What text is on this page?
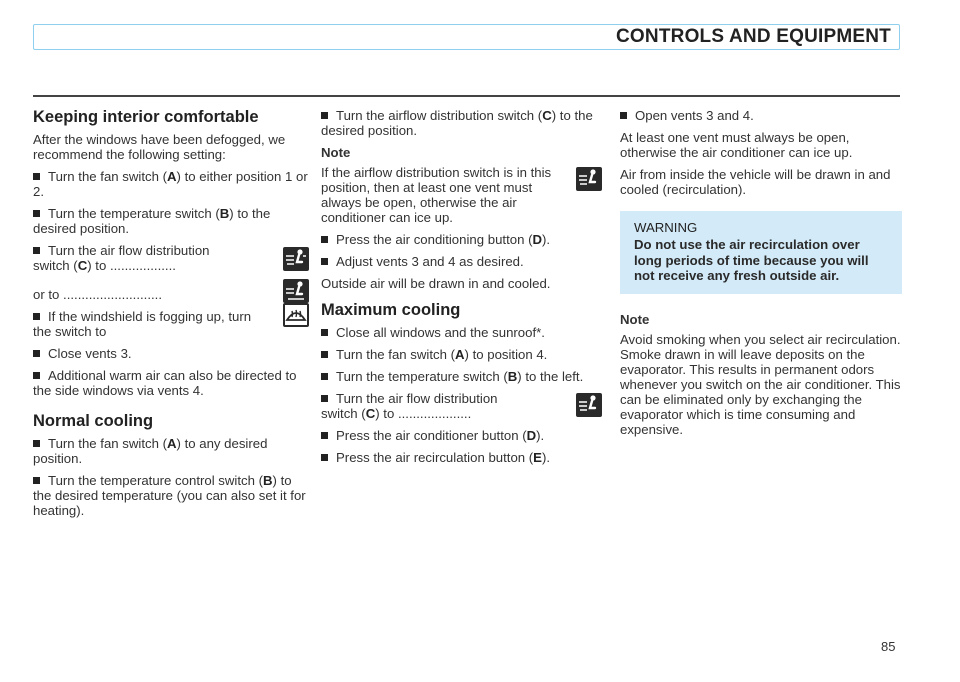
CONTROLS AND EQUIPMENT
Keeping interior comfortable

After the windows have been defogged, we recommend the following setting:

Turn the fan switch (A) to either position 1 or 2.

Turn the temperature switch (B) to the desired position.

Turn the air flow distribution
switch (C) to ..................

or to ...........................

If the windshield is fogging up, turn the switch to

Close vents 3.

Additional warm air can also be directed to the side windows via vents 4.

Normal cooling

Turn the fan switch (A) to any desired position.

Turn the temperature control switch (B) to the desired temperature (you can also set it for heating).

Turn the airflow distribution switch (C) to the desired position.

Note

If the airflow distribution switch is in this position, then at least one vent must always be open, otherwise the air conditioner can ice up.

Press the air conditioning button (D).

Adjust vents 3 and 4 as desired.

Outside air will be drawn in and cooled.

Maximum cooling

Close all windows and the sunroof*.

Turn the fan switch (A) to position 4.

Turn the temperature switch (B) to the left.

Turn the air flow distribution
switch (C) to ....................

Press the air conditioner button (D).

Press the air recirculation button (E).

Open vents 3 and 4.

At least one vent must always be open, otherwise the air conditioner can ice up.

Air from inside the vehicle will be drawn in and cooled (recirculation).

WARNING
Do not use the air recirculation over long periods of time because you will not receive any fresh outside air.

Note

Avoid smoking when you select air recirculation. Smoke drawn in will leave deposits on the evaporator. This results in permanent odors whenever you switch on the air conditioner. This can be eliminated only by exchanging the evaporator which is time consuming and expensive.

85
